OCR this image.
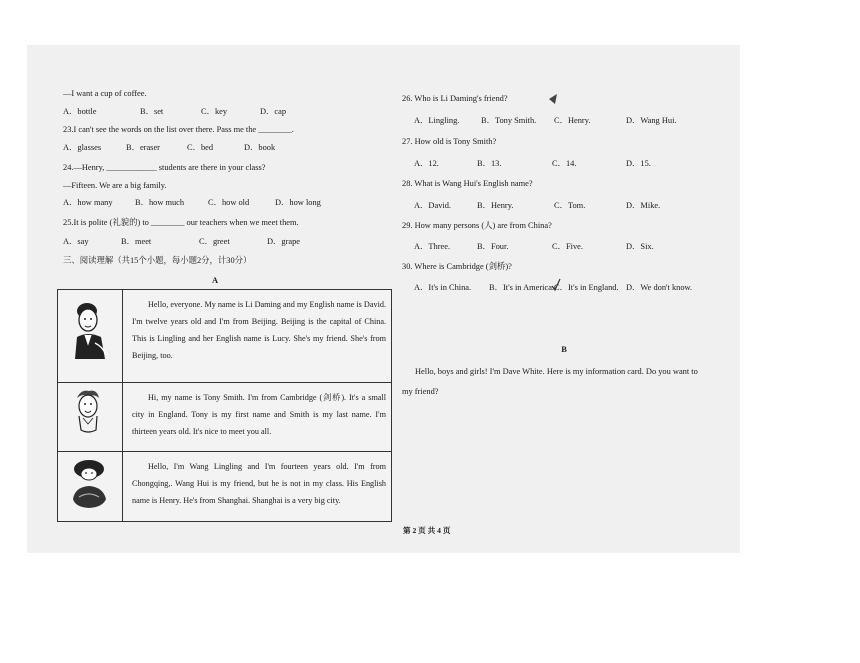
—I want a cup of coffee.
A．bottle	B．set	C．key	D．cap
23.I can't see the words on the list over there. Pass me the ________.
A．glasses	B．eraser	C．bed	D．book
24.—Henry, ____________ students are there in your class?
—Fifteen. We are a big family.
A．how many	B．how much	C．how old	D．how long
25.It is polite (礼貌的) to ________ our teachers when we meet them.
A．say	B．meet	C．greet	D．grape
三、阅读理解（共15个小题，每小题2分，计30分）
A
	Hello, everyone. My name is Li Daming and my English name is David. I'm twelve years old and I'm from Beijing. Beijing is the capital of China. This is Lingling and her English name is Lucy. She's my friend. She's from Beijing, too.
	Hi, my name is Tony Smith. I'm from Cambridge (剑桥). It's a small city in England. Tony is my first name and Smith is my last name. I'm thirteen years old. It's nice to meet you all.
	Hello, I'm Wang Lingling and I'm fourteen years old. I'm from Chongqing,. Wang Hui is my friend, but he is not in my class. His English name is Henry. He's from Shanghai. Shanghai is a very big city.
26. Who is Li Daming's friend?
A．Lingling.	B．Tony Smith. C．Henry.	D．Wang Hui.
27. How old is Tony Smith?
A．12.	B．13.	C．14.	D．15.
28. What is Wang Hui's English name?
A．David.	B．Henry.	C．Tom.	D．Mike.
29. How many persons (人) are from China?
A．Three.	B．Four.	C．Five.	D．Six.
30. Where is Cambridge (剑桥)?
A．It's in China. B．It's in America. C．It's in England. D．We don't know.
B
Hello, boys and girls! I'm Dave White. Here is my information card. Do you want to
my friend?
第 2 页 共 4 页
